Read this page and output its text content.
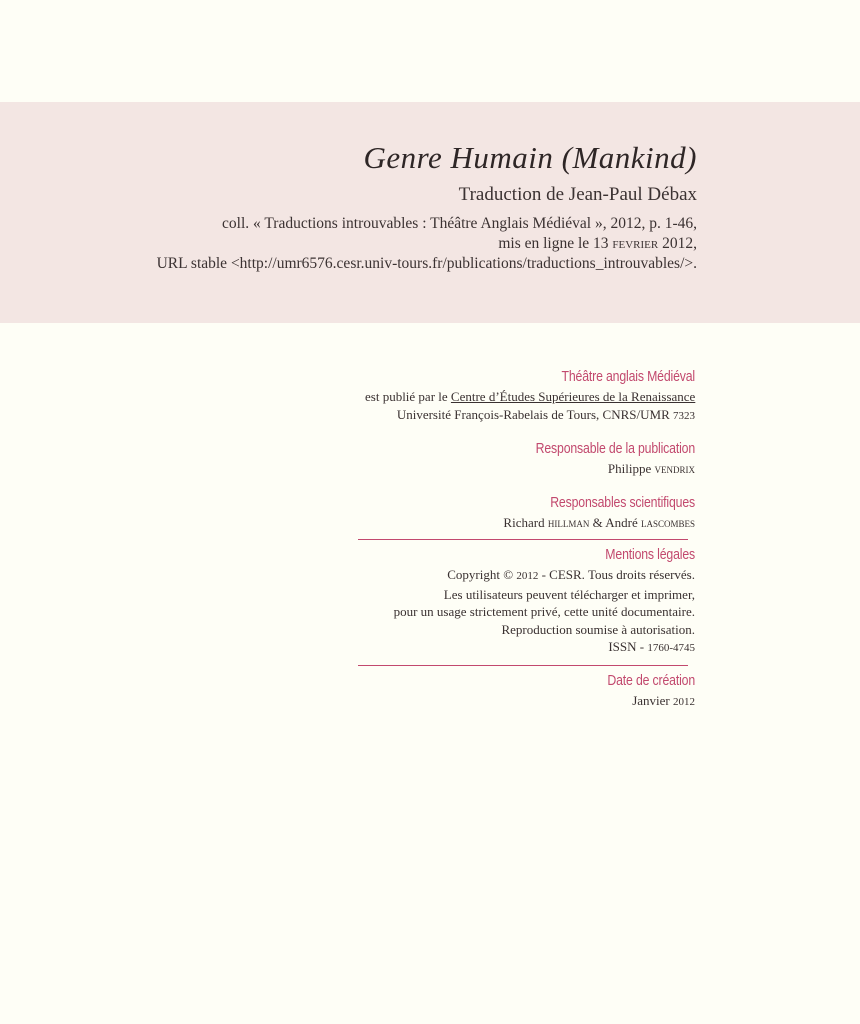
Genre Humain (Mankind)
Traduction de Jean-Paul Débax
coll. « Traductions introuvables : Théâtre Anglais Médiéval », 2012, p. 1-46,
mis en ligne le 13 fevrier 2012,
URL stable <http://umr6576.cesr.univ-tours.fr/publications/traductions_introuvables/>.
Théâtre anglais Médiéval
est publié par le Centre d’Études Supérieures de la Renaissance
Université François-Rabelais de Tours, CNRS/UMR 7323
Responsable de la publication
Philippe vendrix
Responsables scientifiques
Richard hillman & André lascombes
Mentions légales
Copyright © 2012 - CESR. Tous droits réservés.
Les utilisateurs peuvent télécharger et imprimer,
pour un usage strictement privé, cette unité documentaire.
Reproduction soumise à autorisation.
ISSN - 1760-4745
Date de création
Janvier 2012
